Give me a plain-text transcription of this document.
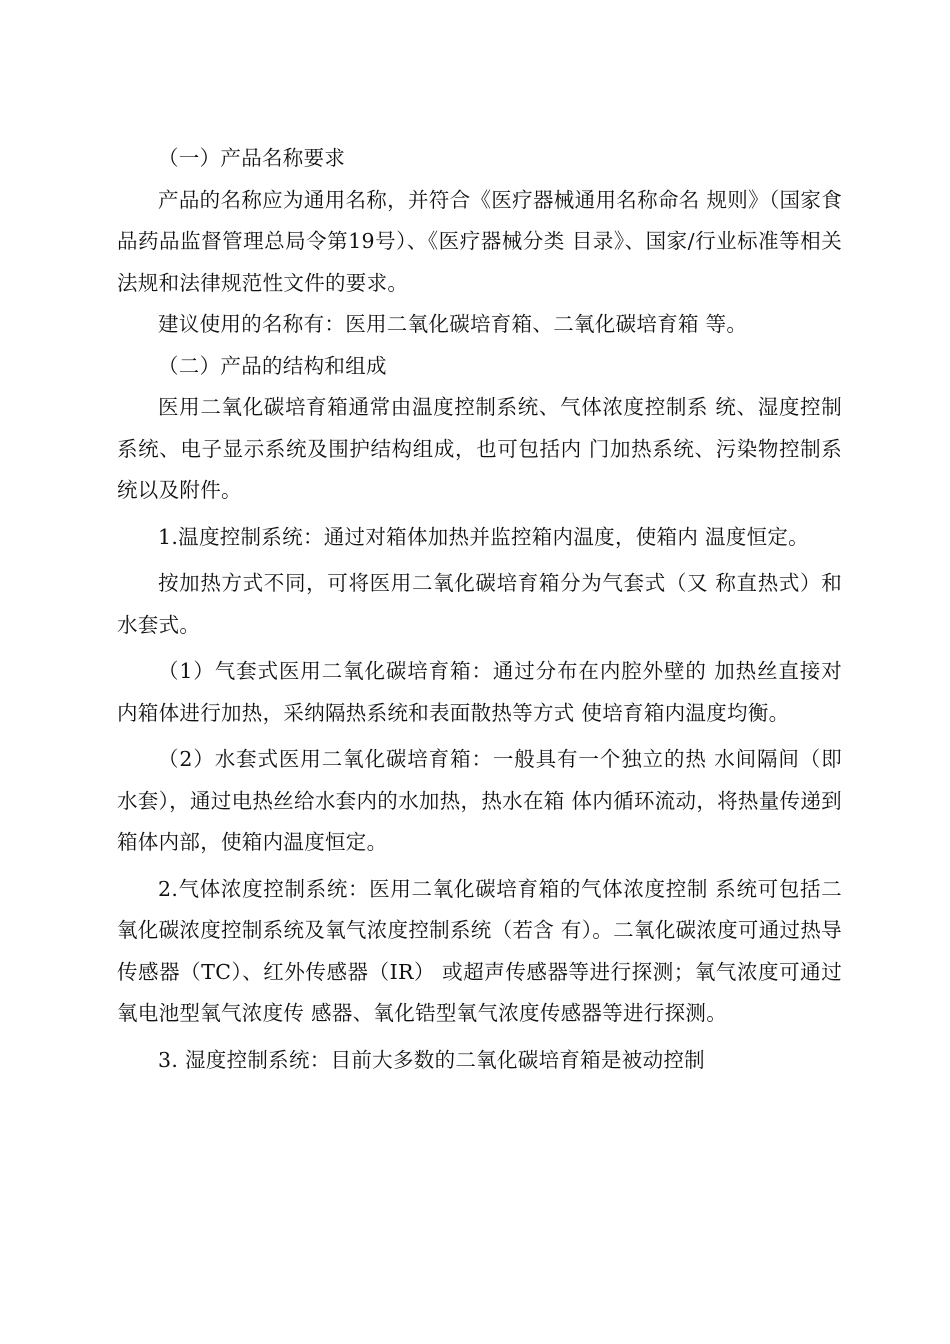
（一）产品名称要求

产品的名称应为通用名称，并符合《医疗器械通用名称命名 规则》（国家食品药品监督管理总局令第19号）、《医疗器械分类 目录》、国家/行业标准等相关法规和法律规范性文件的要求。

建议使用的名称有：医用二氧化碳培育箱、二氧化碳培育箱 等。

（二）产品的结构和组成

医用二氧化碳培育箱通常由温度控制系统、气体浓度控制系 统、湿度控制系统、电子显示系统及围护结构组成，也可包括内 门加热系统、污染物控制系统以及附件。

1.温度控制系统：通过对箱体加热并监控箱内温度，使箱内 温度恒定。

按加热方式不同，可将医用二氧化碳培育箱分为气套式（又 称直热式）和水套式。

（1）气套式医用二氧化碳培育箱：通过分布在内腔外壁的 加热丝直接对内箱体进行加热，采纳隔热系统和表面散热等方式 使培育箱内温度均衡。

（2）水套式医用二氧化碳培育箱：一般具有一个独立的热 水间隔间（即水套），通过电热丝给水套内的水加热，热水在箱 体内循环流动，将热量传递到箱体内部，使箱内温度恒定。

2.气体浓度控制系统：医用二氧化碳培育箱的气体浓度控制 系统可包括二氧化碳浓度控制系统及氧气浓度控制系统（若含 有）。二氧化碳浓度可通过热导传感器（TC）、红外传感器（IR） 或超声传感器等进行探测；氧气浓度可通过氧电池型氧气浓度传 感器、氧化锆型氧气浓度传感器等进行探测。

3. 湿度控制系统：目前大多数的二氧化碳培育箱是被动控制
